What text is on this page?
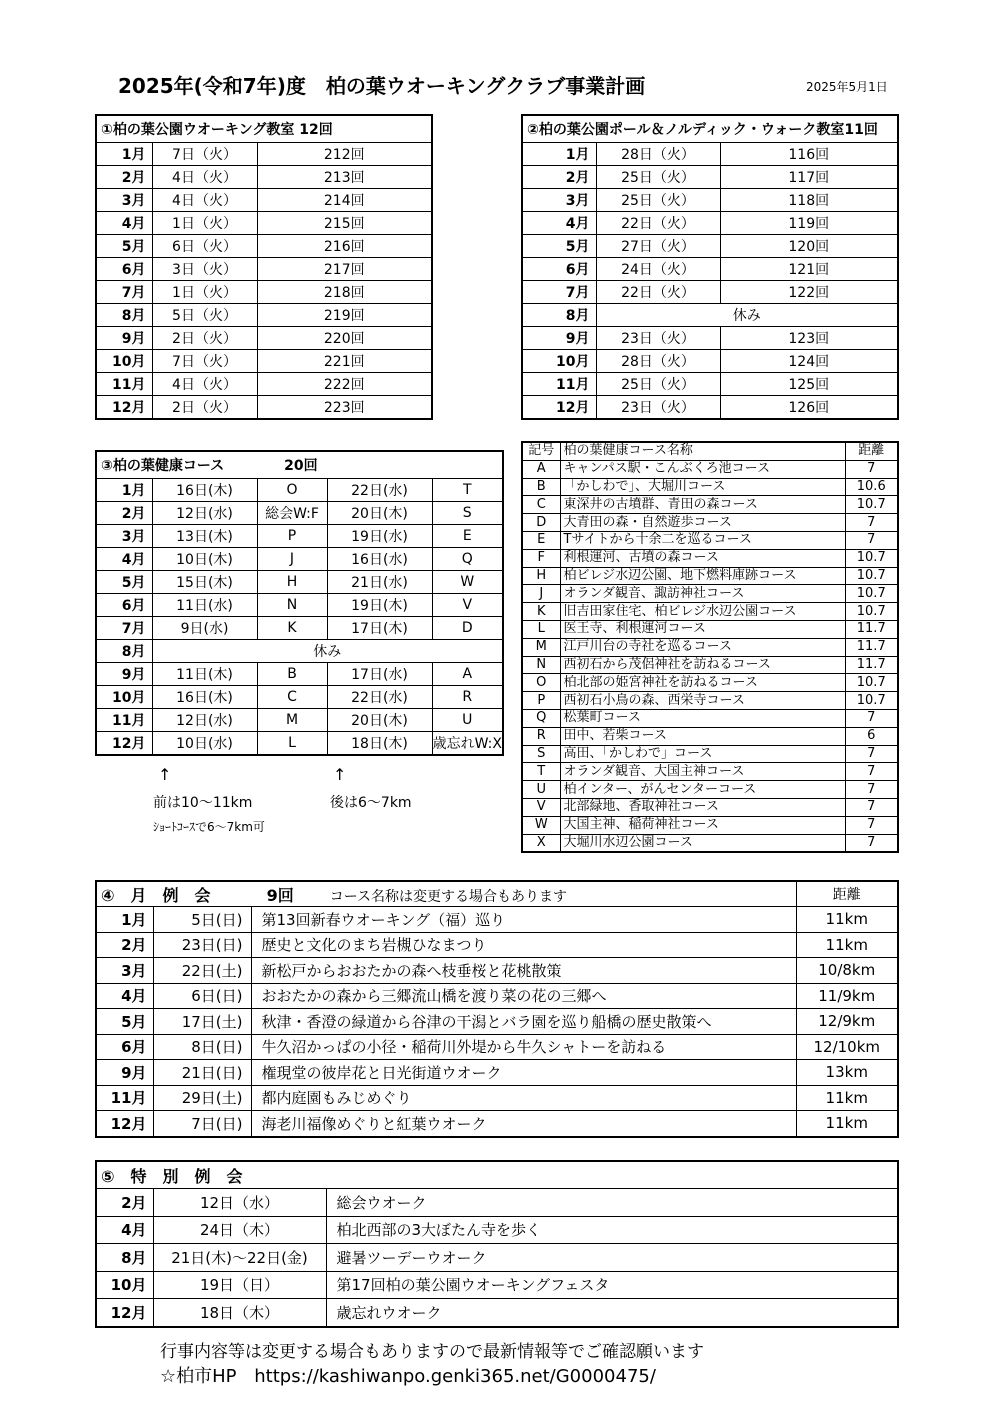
2025年(令和7年)度　柏の葉ウオーキングクラブ事業計画	2025年5月1日
①柏の葉公園ウオーキング教室 12回		
1月	7日（火）	212回
2月	4日（火）	213回
3月	4日（火）	214回
4月	1日（火）	215回
5月	6日（火）	216回
6月	3日（火）	217回
7月	1日（火）	218回
8月	5日（火）	219回
9月	2日（火）	220回
10月	7日（火）	221回
11月	4日（火）	222回
12月	2日（火）	223回
②柏の葉公園ポール＆ノルディック・ウォーク教室11回		
1月	28日（火）	116回
2月	25日（火）	117回
3月	25日（火）	118回
4月	22日（火）	119回
5月	27日（火）	120回
6月	24日（火）	121回
7月	22日（火）	122回
8月	休み	
9月	23日（火）	123回
10月	28日（火）	124回
11月	25日（火）	125回
12月	23日（火）	126回
③柏の葉健康コース 20回				
1月	16日(木)	O	22日(水)	T
2月	12日(水)	総会W:F	20日(木)	S
3月	13日(木)	P	19日(水)	E
4月	10日(木)	J	16日(水)	Q
5月	15日(木)	H	21日(水)	W
6月	11日(水)	N	19日(木)	V
7月	9日(水)	K	17日(木)	D
8月	休み			
9月	11日(木)	B	17日(水)	A
10月	16日(木)	C	22日(水)	R
11月	12日(水)	M	20日(木)	U
12月	10日(水)	L	18日(木)	歳忘れW:X
↑	↑
前は10～11km	後は6～7km
ｼｮｰﾄｺｰｽで6～7km可
記号	柏の葉健康コース名称	距離
A	キャンパス駅・こんぶくろ池コース	7
B	「かしわで」、大堀川コース	10.6
C	東深井の古墳群、青田の森コース	10.7
D	大青田の森・自然遊歩コース	7
E	Tサイトから十余二を巡るコース	7
F	利根運河、古墳の森コース	10.7
H	柏ビレジ水辺公園、地下燃料庫跡コース	10.7
J	オランダ観音、諏訪神社コース	10.7
K	旧吉田家住宅、柏ビレジ水辺公園コース	10.7
L	医王寺、利根運河コース	11.7
M	江戸川台の寺社を巡るコース	11.7
N	西初石から茂侶神社を訪ねるコース	11.7
O	柏北部の姫宮神社を訪ねるコース	10.7
P	西初石小鳥の森、西栄寺コース	10.7
Q	松葉町コース	7
R	田中、若柴コース	6
S	高田、「かしわで」コース	7
T	オランダ観音、大国主神コース	7
U	柏インター、がんセンターコース	7
V	北部緑地、香取神社コース	7
W	大国主神、稲荷神社コース	7
X	大堀川水辺公園コース	7
④　月　例　会 9回 コース名称は変更する場合もあります			距離
1月	5日(日)	第13回新春ウオーキング（福）巡り	11km
2月	23日(日)	歴史と文化のまち岩槻ひなまつり	11km
3月	22日(土)	新松戸からおおたかの森へ枝垂桜と花桃散策	10/8km
4月	6日(日)	おおたかの森から三郷流山橋を渡り菜の花の三郷へ	11/9km
5月	17日(土)	秋津・香澄の緑道から谷津の干潟とバラ園を巡り船橋の歴史散策へ	12/9km
6月	8日(日)	牛久沼かっぱの小径・稲荷川外堤から牛久シャトーを訪ねる	12/10km
9月	21日(日)	権現堂の彼岸花と日光街道ウオーク	13km
11月	29日(土)	都内庭園もみじめぐり	11km
12月	7日(日)	海老川福像めぐりと紅葉ウオーク	11km
⑤　特　別　例　会		
2月	12日（水）	総会ウオーク
4月	24日（木）	柏北西部の3大ぼたん寺を歩く
8月	21日(木)～22日(金)	避暑ツーデーウオーク
10月	19日（日）	第17回柏の葉公園ウオーキングフェスタ
12月	18日（木）	歳忘れウオーク
行事内容等は変更する場合もありますので最新情報等でご確認願います
☆柏市HP https://kashiwanpo.genki365.net/G0000475/
